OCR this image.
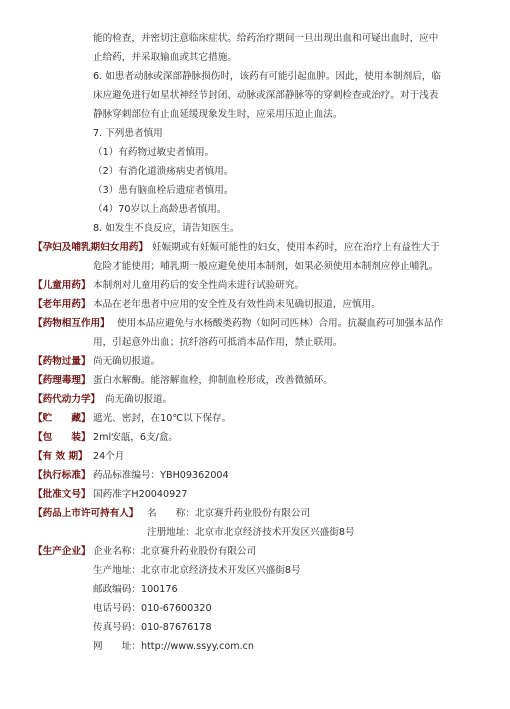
能的检查，并密切注意临床症状。给药治疗期间一旦出现出血和可疑出血时，应中
止给药，并采取输血或其它措施。
6. 如患者动脉或深部静脉损伤时，该药有可能引起血肿。因此，使用本制剂后，临
床应避免进行如星状神经节封闭、动脉或深部静脉等的穿刺检查或治疗。对于浅表
静脉穿刺部位有止血延缓现象发生时，应采用压迫止血法。
7. 下列患者慎用
（1）有药物过敏史者慎用。
（2）有消化道溃疡病史者慎用。
（3）患有脑血栓后遗症者慎用。
（4）70岁以上高龄患者慎用。
8. 如发生不良反应，请告知医生。
【孕妇及哺乳期妇女用药】 妊娠期或有妊娠可能性的妇女，使用本药时，应在治疗上有益性大于
危险才能使用；哺乳期一般应避免使用本制剂，如果必须使用本制剂应停止哺乳。
【儿童用药】 本制剂对儿童用药后的安全性尚未进行试验研究。
【老年用药】 本品在老年患者中应用的安全性及有效性尚未见确切报道，应慎用。
【药物相互作用】 使用本品应避免与水杨酸类药物（如阿司匹林）合用。抗凝血药可加强本品作
用，引起意外出血；抗纤溶药可抵消本品作用，禁止联用。
【药物过量】 尚无确切报道。
【药理毒理】 蛋白水解酶。能溶解血栓，抑制血栓形成，改善微循环。
【药代动力学】 尚无确切报道。
【贮　　藏】 遮光、密封，在10℃以下保存。
【包　　装】 2ml安瓿，6支/盒。
【有 效 期】 24个月
【执行标准】 药品标准编号：YBH09362004
【批准文号】 国药准字H20040927
【药品上市许可持有人】 名　　称：北京赛升药业股份有限公司
注册地址：北京市北京经济技术开发区兴盛街8号
【生产企业】 企业名称：北京赛升药业股份有限公司
生产地址：北京市北京经济技术开发区兴盛街8号
邮政编码：100176
电话号码：010-67600320
传真号码：010-87676178
网　　址：http://www.ssyy.com.cn
